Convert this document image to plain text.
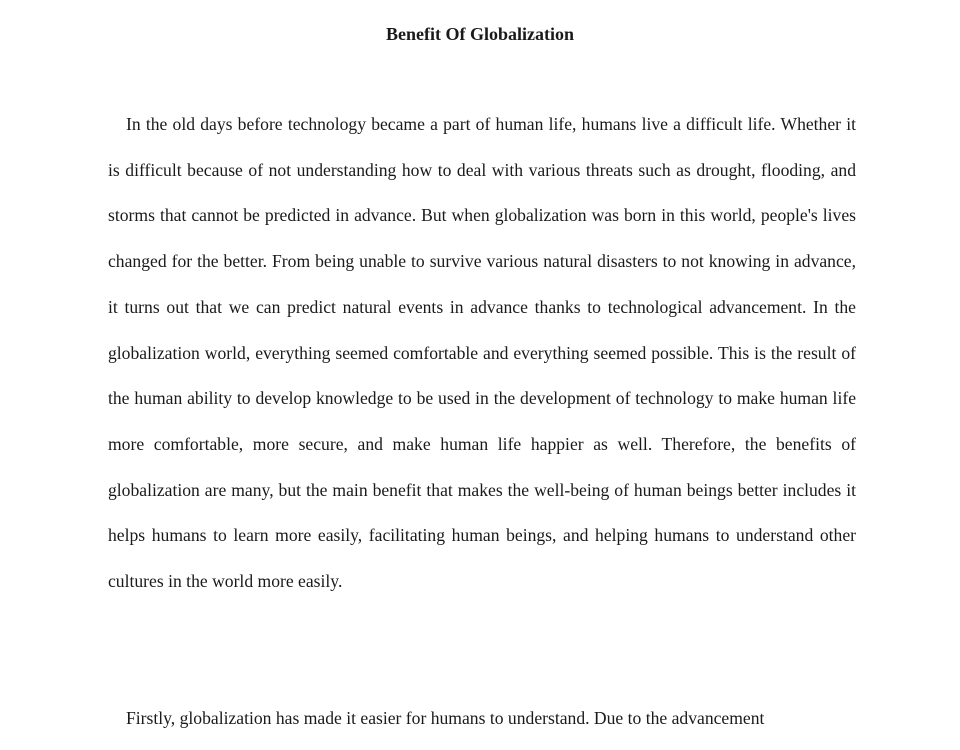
Benefit Of Globalization

In the old days before technology became a part of human life, humans live a difficult life. Whether it is difficult because of not understanding how to deal with various threats such as drought, flooding, and storms that cannot be predicted in advance. But when globalization was born in this world, people's lives changed for the better. From being unable to survive various natural disasters to not knowing in advance, it turns out that we can predict natural events in advance thanks to technological advancement. In the globalization world, everything seemed comfortable and everything seemed possible. This is the result of the human ability to develop knowledge to be used in the development of technology to make human life more comfortable, more secure, and make human life happier as well. Therefore, the benefits of globalization are many, but the main benefit that makes the well-being of human beings better includes it helps humans to learn more easily, facilitating human beings, and helping humans to understand other cultures in the world more easily.

Firstly, globalization has made it easier for humans to understand. Due to the advancement
